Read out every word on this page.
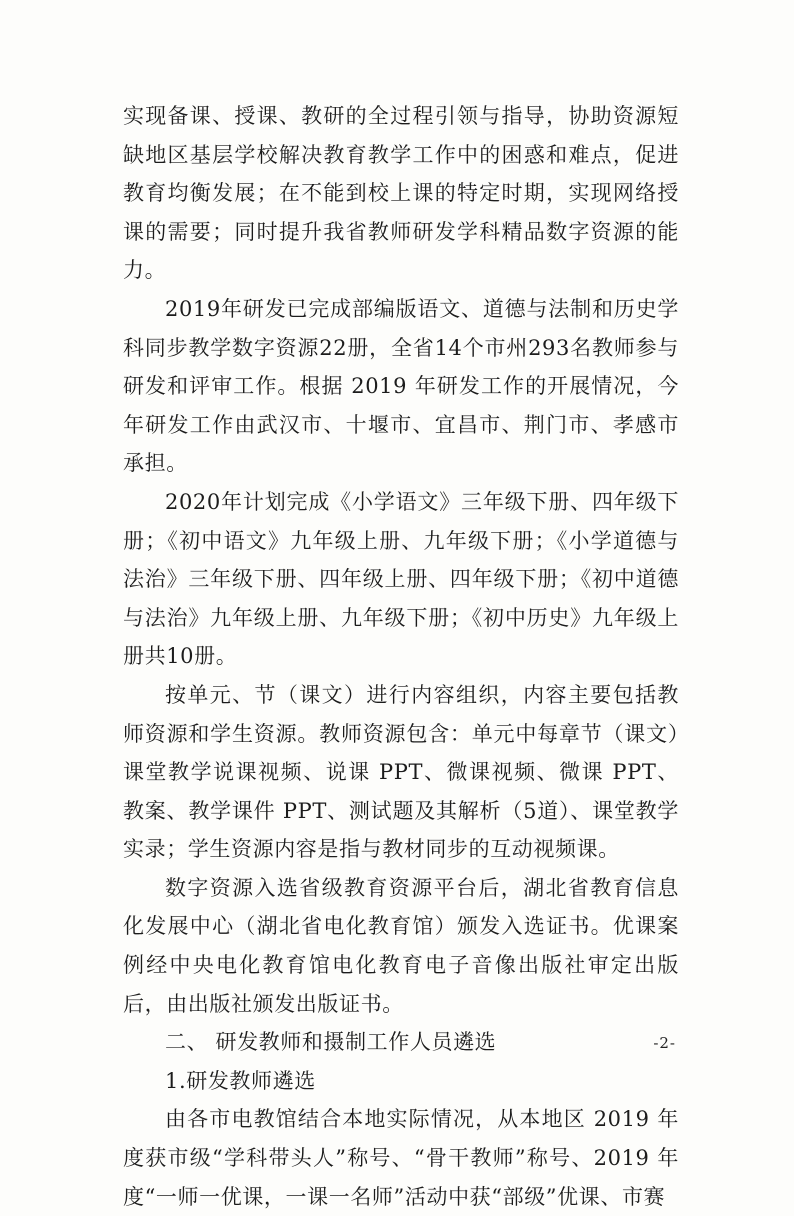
实现备课、授课、教研的全过程引领与指导，协助资源短缺地区基层学校解决教育教学工作中的困惑和难点，促进教育均衡发展；在不能到校上课的特定时期，实现网络授课的需要；同时提升我省教师研发学科精品数字资源的能力。

2019年研发已完成部编版语文、道德与法制和历史学科同步教学数字资源22册，全省14个市州293名教师参与研发和评审工作。根据 2019 年研发工作的开展情况，今年研发工作由武汉市、十堰市、宜昌市、荆门市、孝感市承担。

2020年计划完成《小学语文》三年级下册、四年级下册；《初中语文》九年级上册、九年级下册；《小学道德与法治》三年级下册、四年级上册、四年级下册；《初中道德与法治》九年级上册、九年级下册；《初中历史》九年级上册共10册。

按单元、节（课文）进行内容组织，内容主要包括教师资源和学生资源。教师资源包含：单元中每章节（课文）课堂教学说课视频、说课 PPT、微课视频、微课 PPT、教案、教学课件 PPT、测试题及其解析（5道）、课堂教学实录；学生资源内容是指与教材同步的互动视频课。

数字资源入选省级教育资源平台后，湖北省教育信息化发展中心（湖北省电化教育馆）颁发入选证书。优课案例经中央电化教育馆电化教育电子音像出版社审定出版后，由出版社颁发出版证书。

二、 研发教师和摄制工作人员遴选

1.研发教师遴选

由各市电教馆结合本地实际情况，从本地区 2019 年度获市级“学科带头人”称号、“骨干教师”称号、2019 年度“一师一优课，一课一名师”活动中获“部级”优课、市赛

-2-
